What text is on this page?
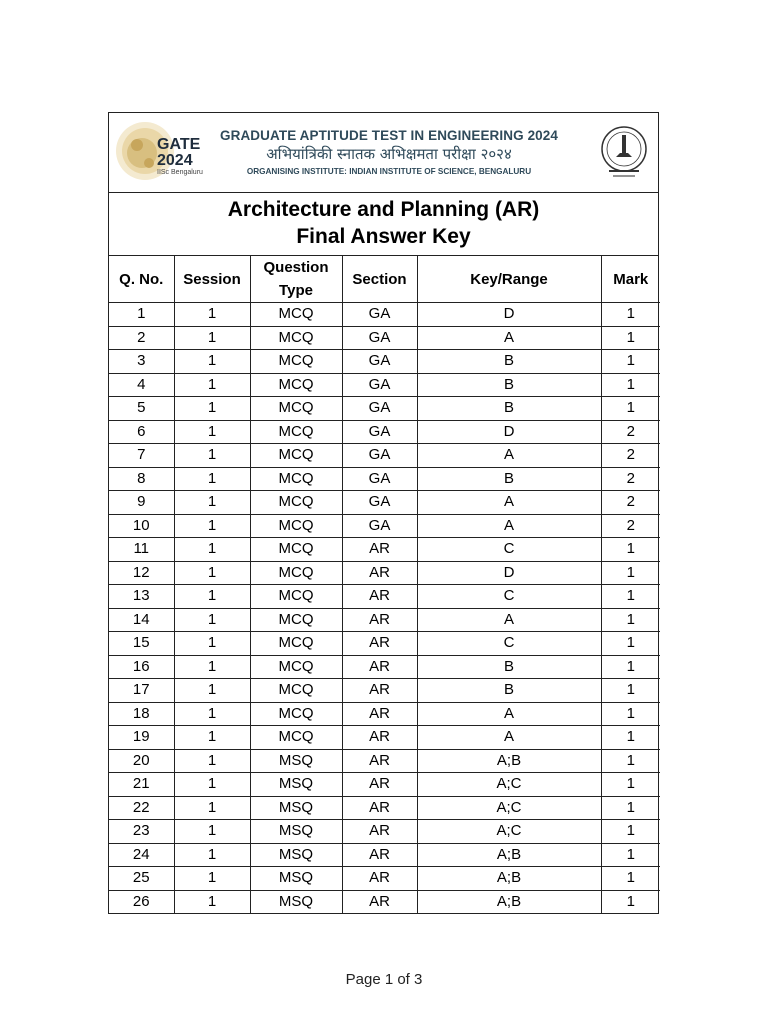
GATE
2024
IISc Bengaluru
GRADUATE APTITUDE TEST IN ENGINEERING 2024
अभियांत्रिकी स्नातक अभिक्षमता परीक्षा २०२४
ORGANISING INSTITUTE: INDIAN INSTITUTE OF SCIENCE, BENGALURU
Architecture and Planning (AR)
Final Answer Key
Q. No.	Session	Question Type	Section	Key/Range	Mark
1	1	MCQ	GA	D	1
2	1	MCQ	GA	A	1
3	1	MCQ	GA	B	1
4	1	MCQ	GA	B	1
5	1	MCQ	GA	B	1
6	1	MCQ	GA	D	2
7	1	MCQ	GA	A	2
8	1	MCQ	GA	B	2
9	1	MCQ	GA	A	2
10	1	MCQ	GA	A	2
11	1	MCQ	AR	C	1
12	1	MCQ	AR	D	1
13	1	MCQ	AR	C	1
14	1	MCQ	AR	A	1
15	1	MCQ	AR	C	1
16	1	MCQ	AR	B	1
17	1	MCQ	AR	B	1
18	1	MCQ	AR	A	1
19	1	MCQ	AR	A	1
20	1	MSQ	AR	A;B	1
21	1	MSQ	AR	A;C	1
22	1	MSQ	AR	A;C	1
23	1	MSQ	AR	A;C	1
24	1	MSQ	AR	A;B	1
25	1	MSQ	AR	A;B	1
26	1	MSQ	AR	A;B	1
Page 1 of 3
